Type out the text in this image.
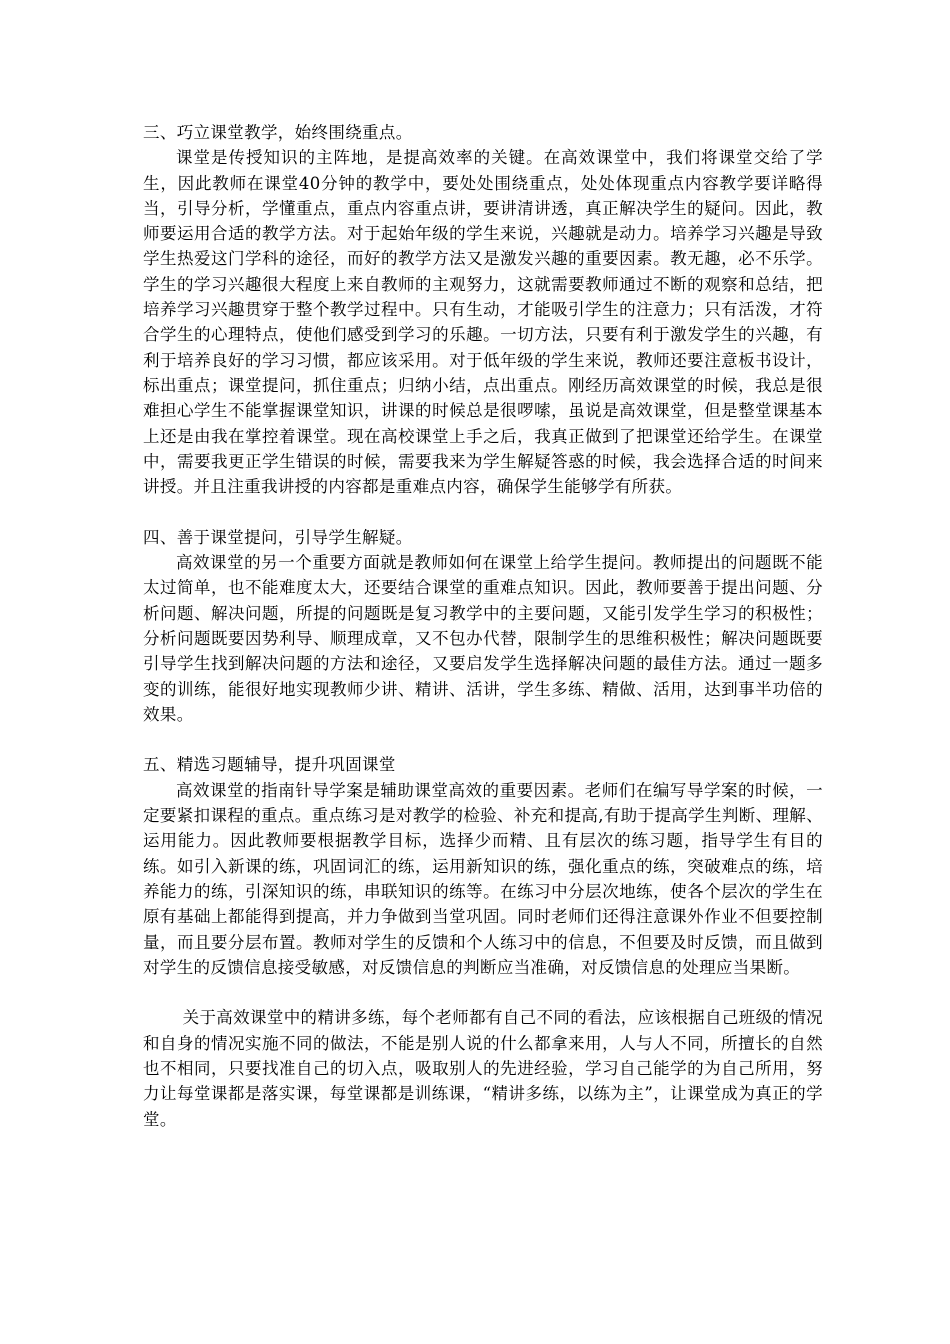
三、巧立课堂教学，始终围绕重点。

课堂是传授知识的主阵地，是提高效率的关键。在高效课堂中，我们将课堂交给了学生，因此教师在课堂40分钟的教学中，要处处围绕重点，处处体现重点内容教学要详略得当，引导分析，学懂重点，重点内容重点讲，要讲清讲透，真正解决学生的疑问。因此，教师要运用合适的教学方法。对于起始年级的学生来说，兴趣就是动力。培养学习兴趣是导致学生热爱这门学科的途径，而好的教学方法又是激发兴趣的重要因素。教无趣，必不乐学。学生的学习兴趣很大程度上来自教师的主观努力，这就需要教师通过不断的观察和总结，把培养学习兴趣贯穿于整个教学过程中。只有生动，才能吸引学生的注意力；只有活泼，才符合学生的心理特点，使他们感受到学习的乐趣。一切方法，只要有利于激发学生的兴趣，有利于培养良好的学习习惯，都应该采用。对于低年级的学生来说，教师还要注意板书设计，标出重点；课堂提问，抓住重点；归纳小结，点出重点。刚经历高效课堂的时候，我总是很难担心学生不能掌握课堂知识，讲课的时候总是很啰嗦，虽说是高效课堂，但是整堂课基本上还是由我在掌控着课堂。现在高校课堂上手之后，我真正做到了把课堂还给学生。在课堂中，需要我更正学生错误的时候，需要我来为学生解疑答惑的时候，我会选择合适的时间来讲授。并且注重我讲授的内容都是重难点内容，确保学生能够学有所获。

四、善于课堂提问，引导学生解疑。

高效课堂的另一个重要方面就是教师如何在课堂上给学生提问。教师提出的问题既不能太过简单，也不能难度太大，还要结合课堂的重难点知识。因此，教师要善于提出问题、分析问题、解决问题，所提的问题既是复习教学中的主要问题，又能引发学生学习的积极性；分析问题既要因势利导、顺理成章，又不包办代替，限制学生的思维积极性；解决问题既要引导学生找到解决问题的方法和途径，又要启发学生选择解决问题的最佳方法。通过一题多变的训练，能很好地实现教师少讲、精讲、活讲，学生多练、精做、活用，达到事半功倍的效果。

五、精选习题辅导，提升巩固课堂

高效课堂的指南针导学案是辅助课堂高效的重要因素。老师们在编写导学案的时候，一定要紧扣课程的重点。重点练习是对教学的检验、补充和提高,有助于提高学生判断、理解、运用能力。因此教师要根据教学目标，选择少而精、且有层次的练习题，指导学生有目的练。如引入新课的练，巩固词汇的练，运用新知识的练，强化重点的练，突破难点的练，培养能力的练，引深知识的练，串联知识的练等。在练习中分层次地练，使各个层次的学生在原有基础上都能得到提高，并力争做到当堂巩固。同时老师们还得注意课外作业不但要控制量，而且要分层布置。教师对学生的反馈和个人练习中的信息，不但要及时反馈，而且做到对学生的反馈信息接受敏感，对反馈信息的判断应当准确，对反馈信息的处理应当果断。

关于高效课堂中的精讲多练，每个老师都有自己不同的看法，应该根据自己班级的情况和自身的情况实施不同的做法，不能是别人说的什么都拿来用，人与人不同，所擅长的自然也不相同，只要找准自己的切入点，吸取别人的先进经验，学习自己能学的为自己所用，努力让每堂课都是落实课，每堂课都是训练课，“精讲多练，以练为主”，让课堂成为真正的学堂。
